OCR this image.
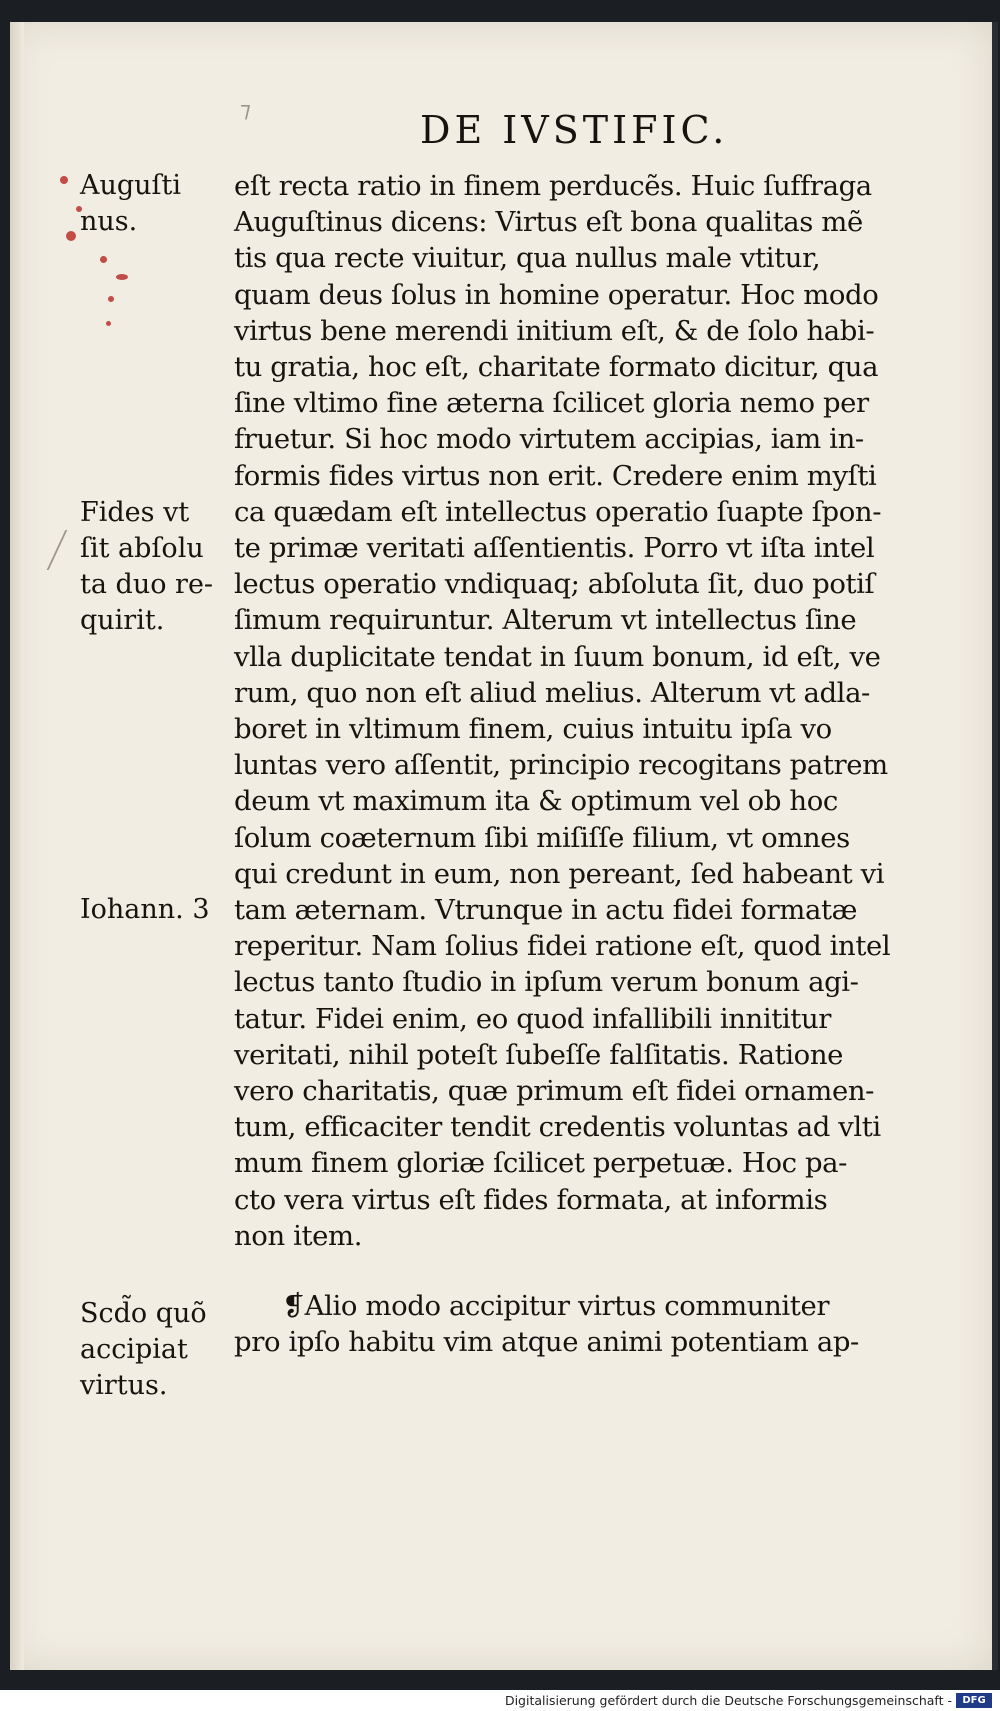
⁊	DE IVSTIFIC.

eſt recta ratio in finem perducẽs. Huic ſuffraga
Auguſtinus dicens: Virtus eſt bona qualitas mẽ
tis qua recte viuitur, qua nullus male vtitur,
quam deus ſolus in homine operatur. Hoc modo
virtus bene merendi initium eſt, & de ſolo habi-
tu gratia, hoc eſt, charitate formato dicitur, qua
ſine vltimo fine æterna ſcilicet gloria nemo per
fruetur. Si hoc modo virtutem accipias, iam in-
formis fides virtus non erit. Credere enim myſti
ca quædam eſt intellectus operatio ſuapte ſpon-
te primæ veritati aſſentientis. Porro vt iſta intel
lectus operatio vndiquaq; abſoluta ſit, duo potiſ
ſimum requiruntur. Alterum vt intellectus ſine
vlla duplicitate tendat in ſuum bonum, id eſt, ve
rum, quo non eſt aliud melius. Alterum vt adla-
boret in vltimum finem, cuius intuitu ipſa vo
luntas vero aſſentit, principio recogitans patrem
deum vt maximum ita & optimum vel ob hoc
ſolum coæternum ſibi miſiſſe filium, vt omnes
qui credunt in eum, non pereant, ſed habeant vi
tam æternam. Vtrunque in actu fidei formatæ
reperitur. Nam ſolius fidei ratione eſt, quod intel
lectus tanto ſtudio in ipſum verum bonum agi-
tatur. Fidei enim, eo quod infallibili innititur
veritati, nihil poteſt ſubeſſe falſitatis. Ratione
vero charitatis, quæ primum eſt fidei ornamen-
tum, efficaciter tendit credentis voluntas ad vlti
mum finem gloriæ ſcilicet perpetuæ. Hoc pa-
cto vera virtus eſt fides formata, at informis
non item.
❡Alio modo accipitur virtus communiter
pro ipſo habitu vim atque animi potentiam ap-

Auguſti
nus.
Fides vt
ſit abſolu
ta duo re-
quirit.
Iohann. 3
Scd̃o quõ
accipiat
virtus.
Digitalisierung gefördert durch die Deutsche Forschungsgemeinschaft -	DFG
